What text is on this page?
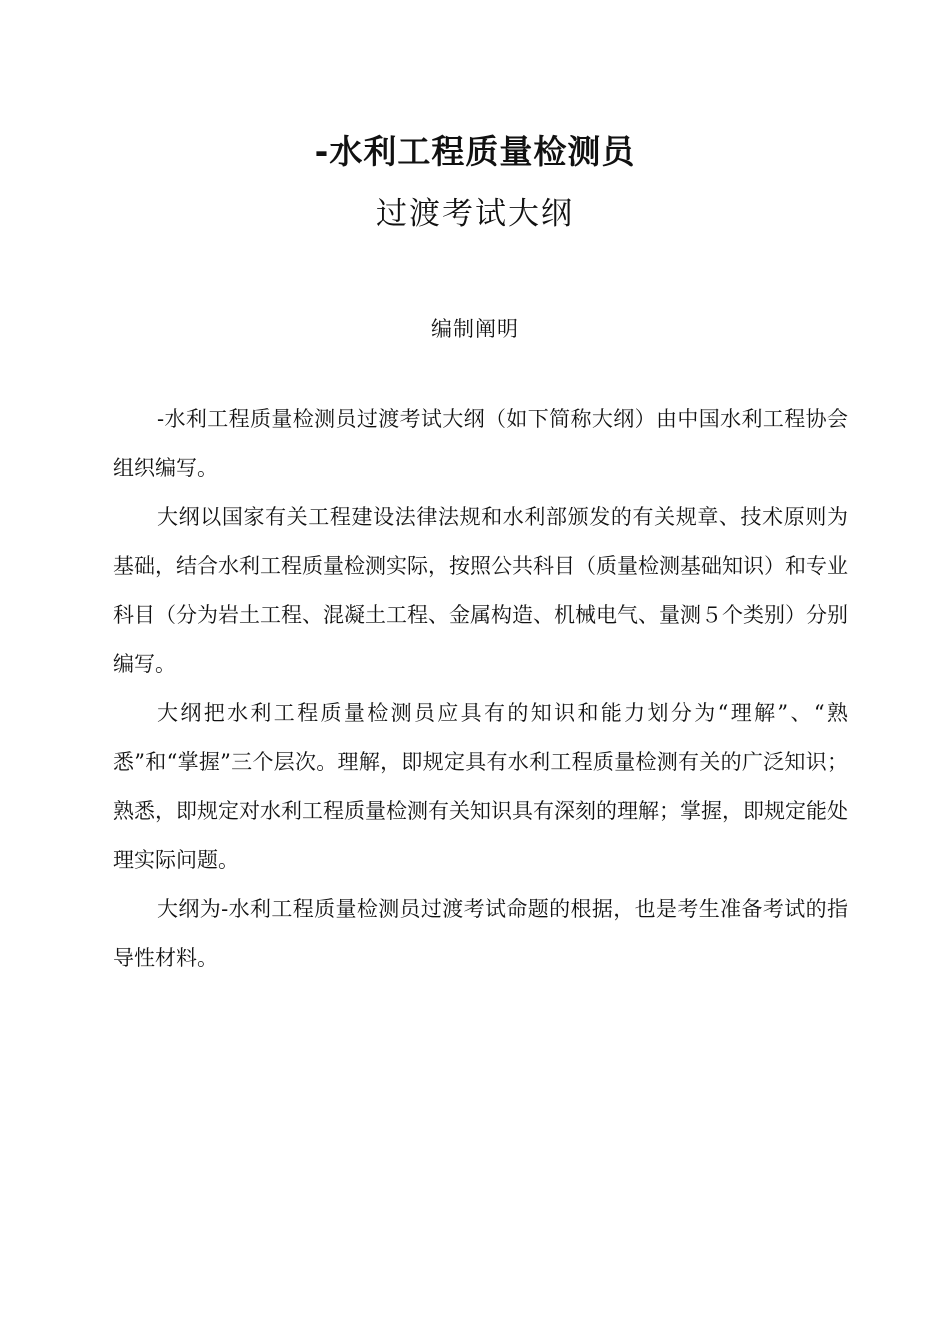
-水利工程质量检测员
过渡考试大纲
编制阐明

-水利工程质量检测员过渡考试大纲（如下简称大纲）由中国水利工程协会组织编写。

大纲以国家有关工程建设法律法规和水利部颁发的有关规章、技术原则为基础，结合水利工程质量检测实际，按照公共科目（质量检测基础知识）和专业科目（分为岩土工程、混凝土工程、金属构造、机械电气、量测５个类别）分别编写。

大纲把水利工程质量检测员应具有的知识和能力划分为“理解”、“熟悉”和“掌握”三个层次。理解，即规定具有水利工程质量检测有关的广泛知识；熟悉，即规定对水利工程质量检测有关知识具有深刻的理解；掌握，即规定能处理实际问题。

大纲为-水利工程质量检测员过渡考试命题的根据，也是考生准备考试的指导性材料。
